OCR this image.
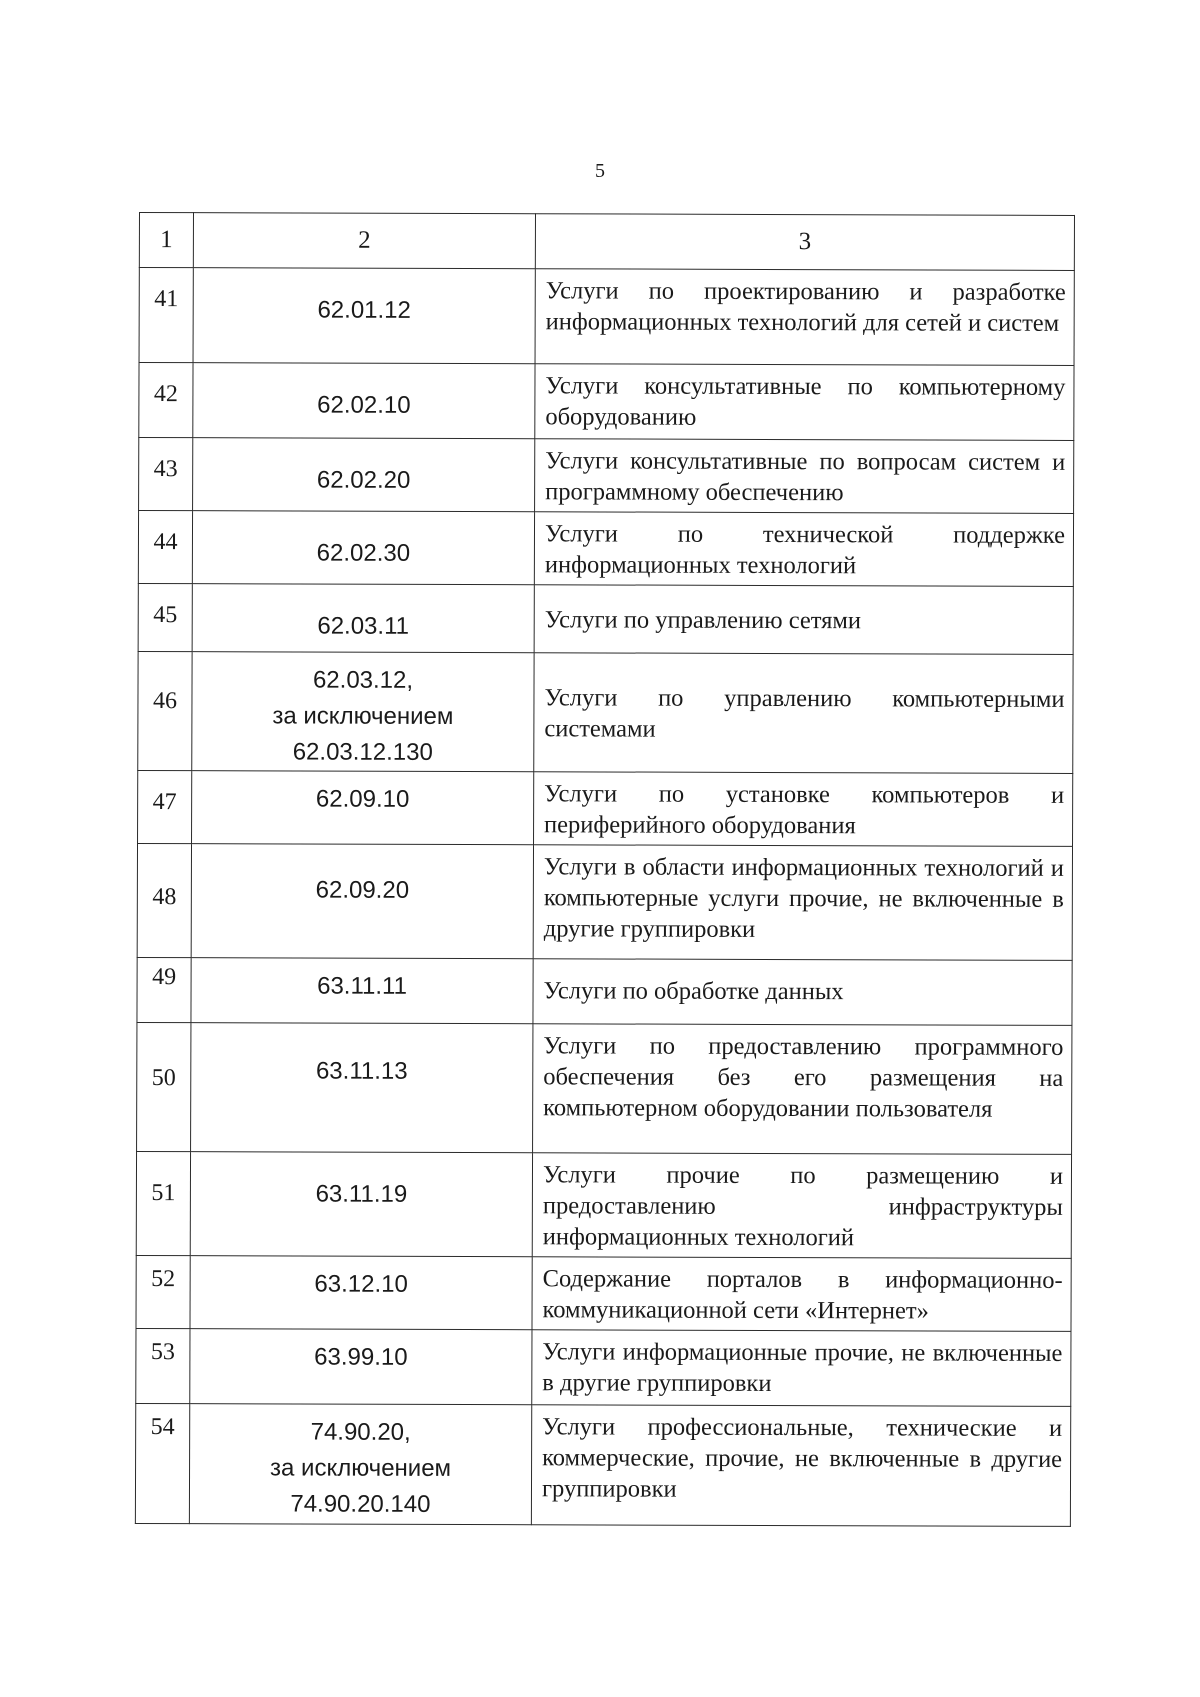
5
1	2	3
41	62.01.12	Услуги по проектированию и разработке информационных технологий для сетей и систем
42	62.02.10	Услуги консультативные по компьютерному оборудованию
43	62.02.20	Услуги консультативные по вопросам систем и программному обеспечению
44	62.02.30	Услуги по технической поддержке информационных технологий
45	62.03.11	Услуги по управлению сетями
46	62.03.12,
за исключением
62.03.12.130	Услуги по управлению компьютерными системами
47	62.09.10	Услуги по установке компьютеров и периферийного оборудования
48	62.09.20	Услуги в области информационных технологий и компьютерные услуги прочие, не включенные в другие группировки
49	63.11.11	Услуги по обработке данных
50	63.11.13	Услуги по предоставлению программного обеспечения без его размещения на компьютерном оборудовании пользователя
51	63.11.19	Услуги прочие по размещению и предоставлению инфраструктуры информационных технологий
52	63.12.10	Содержание порталов в информационно-коммуникационной сети «Интернет»
53	63.99.10	Услуги информационные прочие, не включенные в другие группировки
54	74.90.20,
за исключением
74.90.20.140	Услуги профессиональные, технические и коммерческие, прочие, не включенные в другие группировки
